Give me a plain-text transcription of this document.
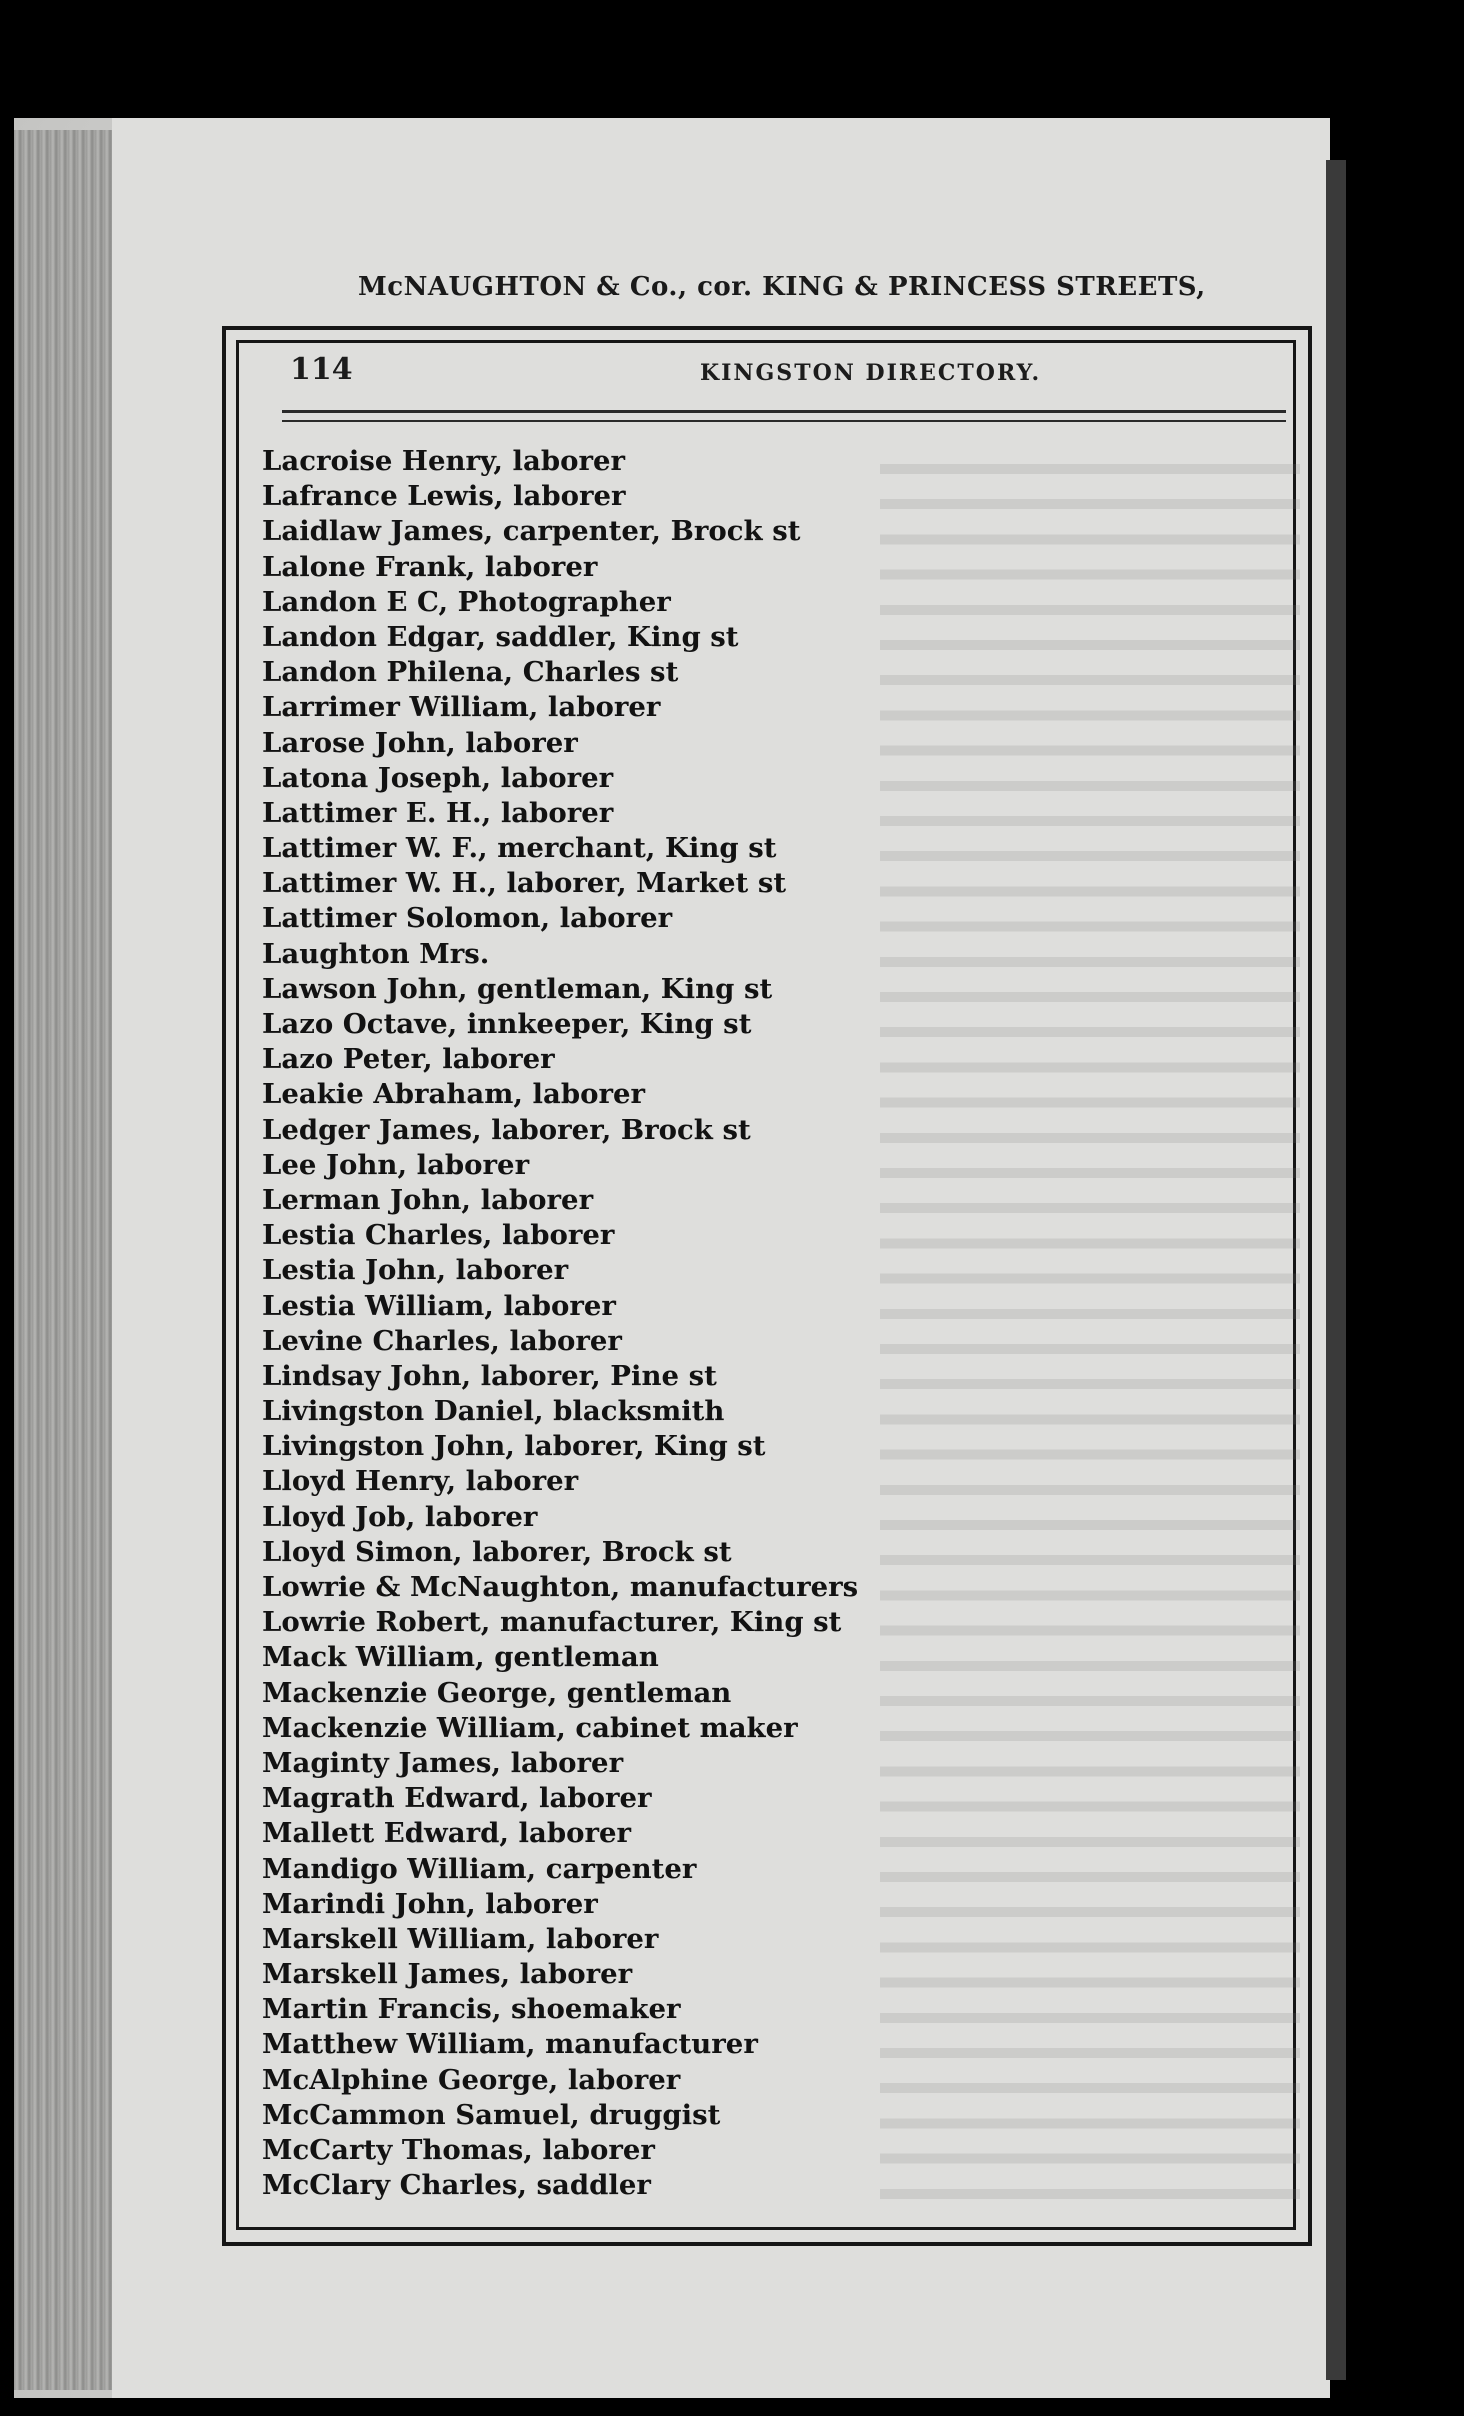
McNAUGHTON & Co., cor. KING & PRINCESS STREETS,
114	KINGSTON DIRECTORY.
Lacroise Henry, laborer
Lafrance Lewis, laborer
Laidlaw James, carpenter, Brock st
Lalone Frank, laborer
Landon E C, Photographer
Landon Edgar, saddler, King st
Landon Philena, Charles st
Larrimer William, laborer
Larose John, laborer
Latona Joseph, laborer
Lattimer E. H., laborer
Lattimer W. F., merchant, King st
Lattimer W. H., laborer, Market st
Lattimer Solomon, laborer
Laughton Mrs.
Lawson John, gentleman, King st
Lazo Octave, innkeeper, King st
Lazo Peter, laborer
Leakie Abraham, laborer
Ledger James, laborer, Brock st
Lee John, laborer
Lerman John, laborer
Lestia Charles, laborer
Lestia John, laborer
Lestia William, laborer
Levine Charles, laborer
Lindsay John, laborer, Pine st
Livingston Daniel, blacksmith
Livingston John, laborer, King st
Lloyd Henry, laborer
Lloyd Job, laborer
Lloyd Simon, laborer, Brock st
Lowrie & McNaughton, manufacturers
Lowrie Robert, manufacturer, King st
Mack William, gentleman
Mackenzie George, gentleman
Mackenzie William, cabinet maker
Maginty James, laborer
Magrath Edward, laborer
Mallett Edward, laborer
Mandigo William, carpenter
Marindi John, laborer
Marskell William, laborer
Marskell James, laborer
Martin Francis, shoemaker
Matthew William, manufacturer
McAlphine George, laborer
McCammon Samuel, druggist
McCarty Thomas, laborer
McClary Charles, saddler
